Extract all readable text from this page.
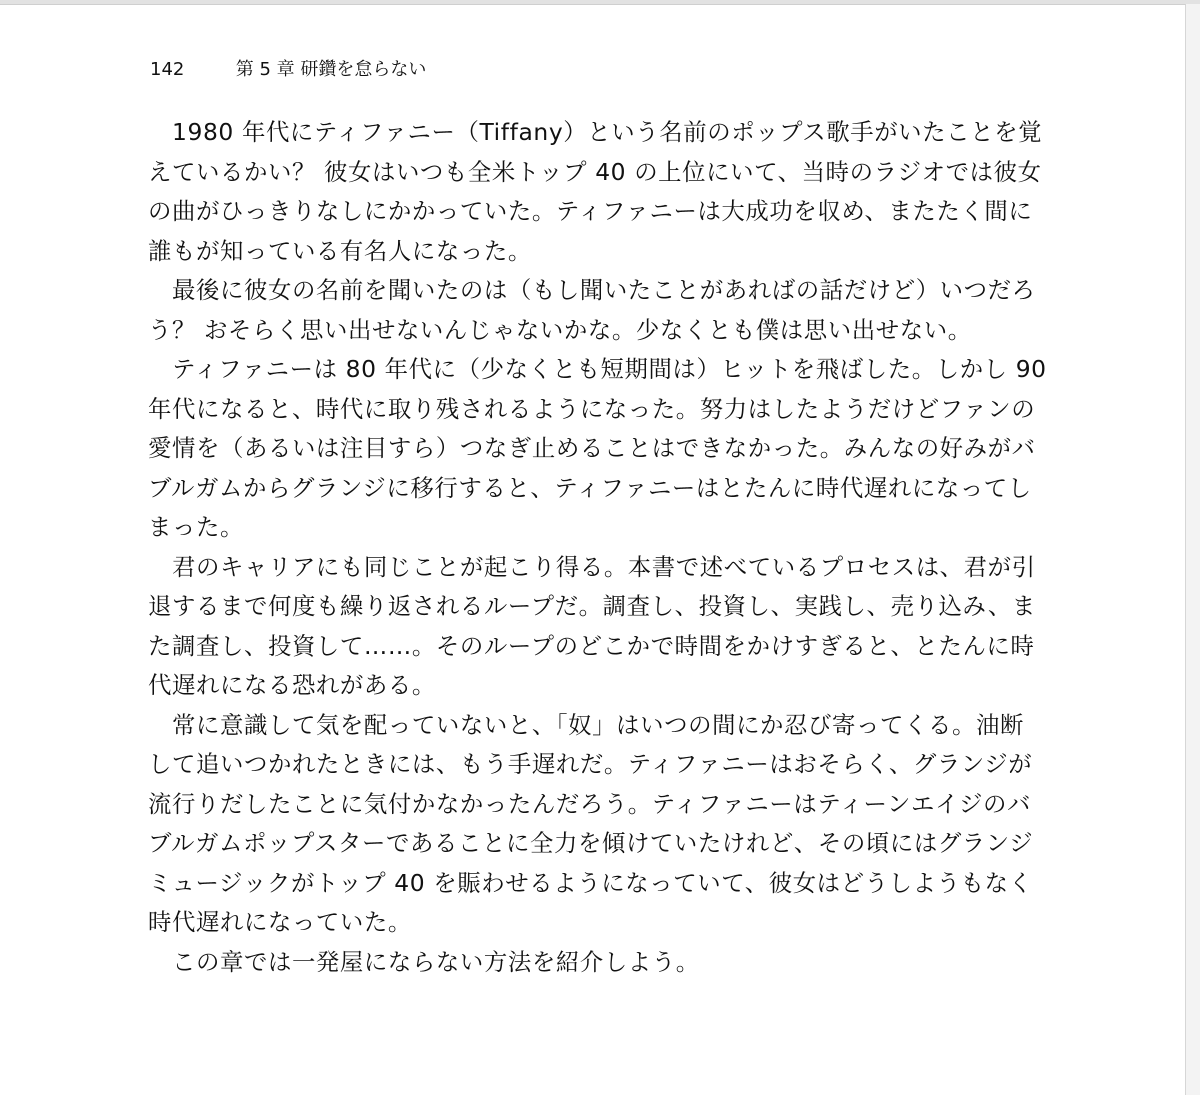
142	第 5 章 研鑽を怠らない
　1980 年代にティファニー（Tiffany）という名前のポップス歌手がいたことを覚
えているかい？ 彼女はいつも全米トップ 40 の上位にいて、当時のラジオでは彼女
の曲がひっきりなしにかかっていた。ティファニーは大成功を収め、またたく間に
誰もが知っている有名人になった。
　最後に彼女の名前を聞いたのは（もし聞いたことがあればの話だけど）いつだろ
う？ おそらく思い出せないんじゃないかな。少なくとも僕は思い出せない。
　ティファニーは 80 年代に（少なくとも短期間は）ヒットを飛ばした。しかし 90
年代になると、時代に取り残されるようになった。努力はしたようだけどファンの
愛情を（あるいは注目すら）つなぎ止めることはできなかった。みんなの好みがバ
ブルガムからグランジに移行すると、ティファニーはとたんに時代遅れになってし
まった。
　君のキャリアにも同じことが起こり得る。本書で述べているプロセスは、君が引
退するまで何度も繰り返されるループだ。調査し、投資し、実践し、売り込み、ま
た調査し、投資して……。そのループのどこかで時間をかけすぎると、とたんに時
代遅れになる恐れがある。
　常に意識して気を配っていないと、「奴」はいつの間にか忍び寄ってくる。油断
して追いつかれたときには、もう手遅れだ。ティファニーはおそらく、グランジが
流行りだしたことに気付かなかったんだろう。ティファニーはティーンエイジのバ
ブルガムポップスターであることに全力を傾けていたけれど、その頃にはグランジ
ミュージックがトップ 40 を賑わせるようになっていて、彼女はどうしようもなく
時代遅れになっていた。
　この章では一発屋にならない方法を紹介しよう。
